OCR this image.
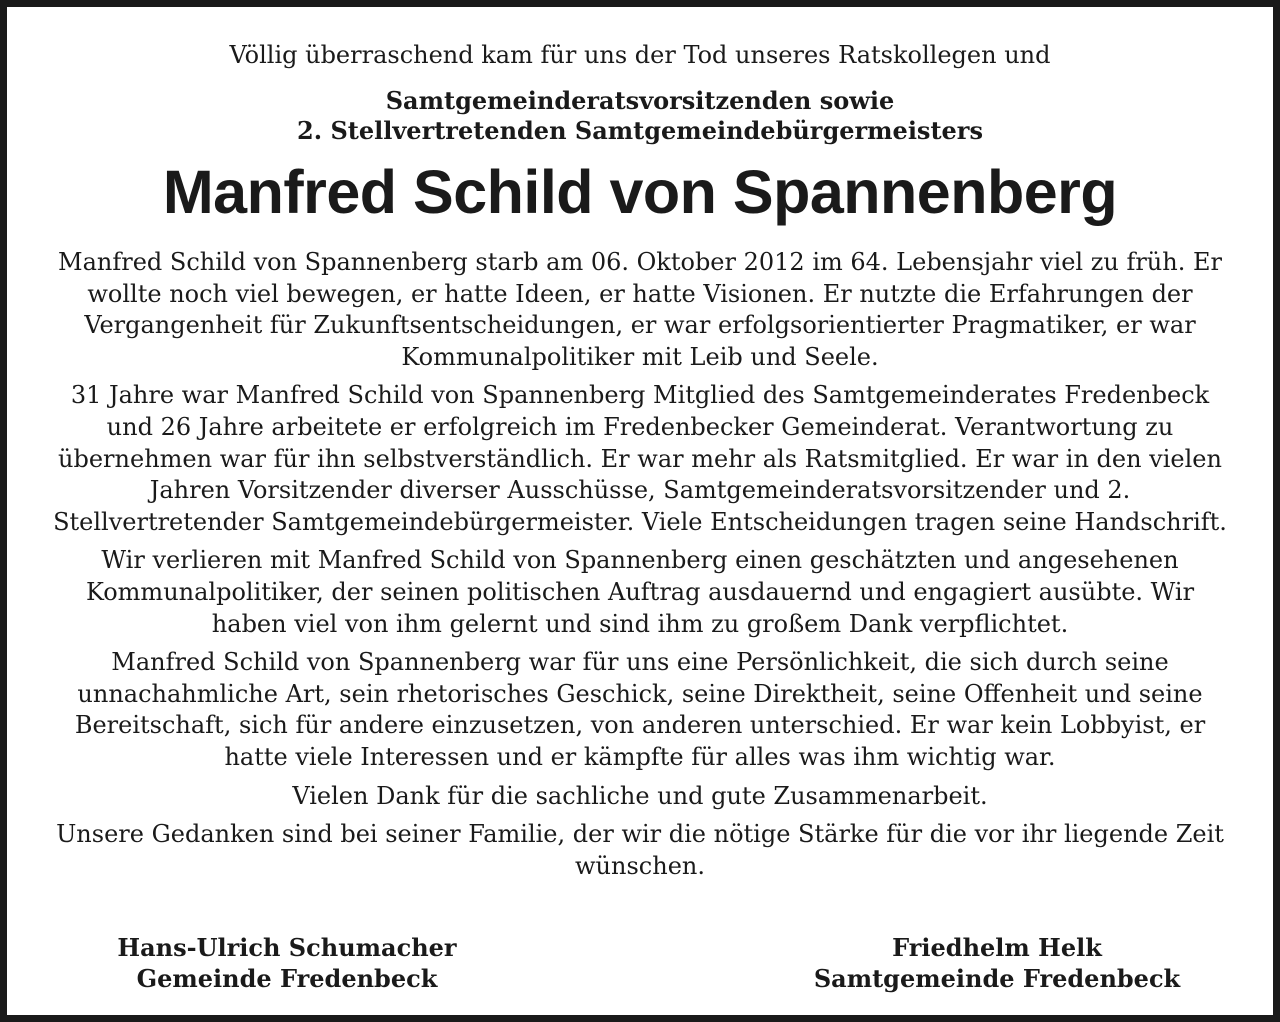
Völlig überraschend kam für uns der Tod unseres Ratskollegen und
Samtgemeinderatsvorsitzenden sowie
2. Stellvertretenden Samtgemeindebürgermeisters
Manfred Schild von Spannenberg

Manfred Schild von Spannenberg starb am 06. Oktober 2012 im 64. Lebensjahr viel zu früh. Er wollte noch viel bewegen, er hatte Ideen, er hatte Visionen. Er nutzte die Erfahrungen der Vergangenheit für Zukunftsentscheidungen, er war erfolgsorientierter Pragmatiker, er war Kommunalpolitiker mit Leib und Seele.

31 Jahre war Manfred Schild von Spannenberg Mitglied des Samtgemeinderates Fredenbeck und 26 Jahre arbeitete er erfolgreich im Fredenbecker Gemeinderat. Verantwortung zu übernehmen war für ihn selbstverständlich. Er war mehr als Ratsmitglied. Er war in den vielen Jahren Vorsitzender diverser Ausschüsse, Samtgemeinderatsvorsitzender und 2. Stellvertretender Samtgemeindebürgermeister. Viele Entscheidungen tragen seine Handschrift.

Wir verlieren mit Manfred Schild von Spannenberg einen geschätzten und angesehenen Kommunalpolitiker, der seinen politischen Auftrag ausdauernd und engagiert ausübte. Wir haben viel von ihm gelernt und sind ihm zu großem Dank verpflichtet.

Manfred Schild von Spannenberg war für uns eine Persönlichkeit, die sich durch seine unnachahmliche Art, sein rhetorisches Geschick, seine Direktheit, seine Offenheit und seine Bereitschaft, sich für andere einzusetzen, von anderen unterschied. Er war kein Lobbyist, er hatte viele Interessen und er kämpfte für alles was ihm wichtig war.

Vielen Dank für die sachliche und gute Zusammenarbeit.

Unsere Gedanken sind bei seiner Familie, der wir die nötige Stärke für die vor ihr liegende Zeit wünschen.

Hans-Ulrich Schumacher
Gemeinde Fredenbeck
Friedhelm Helk
Samtgemeinde Fredenbeck
